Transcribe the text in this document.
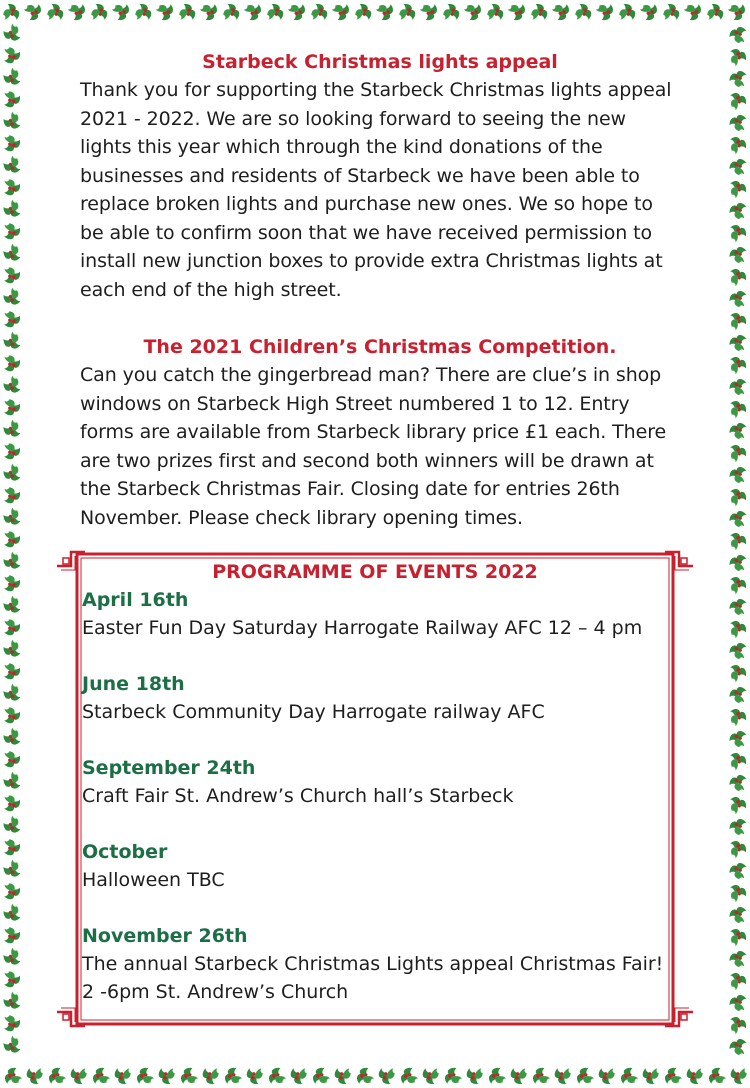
Starbeck Christmas lights appeal

Thank you for supporting the Starbeck Christmas lights appeal 2021 - 2022. We are so looking forward to seeing the new lights this year which through the kind donations of the businesses and residents of Starbeck we have been able to replace broken lights and purchase new ones. We so hope to be able to confirm soon that we have received permission to install new junction boxes to provide extra Christmas lights at each end of the high street.

The 2021 Children’s Christmas Competition.

Can you catch the gingerbread man? There are clue’s in shop windows on Starbeck High Street numbered 1 to 12. Entry forms are available from Starbeck library price £1 each. There are two prizes first and second both winners will be drawn at the Starbeck Christmas Fair. Closing date for entries 26th November. Please check library opening times.

PROGRAMME OF EVENTS 2022
April 16th
Easter Fun Day Saturday Harrogate Railway AFC 12 – 4 pm
June 18th
Starbeck Community Day Harrogate railway AFC
September 24th
Craft Fair St. Andrew’s Church hall’s Starbeck
October
Halloween TBC
November 26th
The annual Starbeck Christmas Lights appeal Christmas Fair!
2 -6pm St. Andrew’s Church
